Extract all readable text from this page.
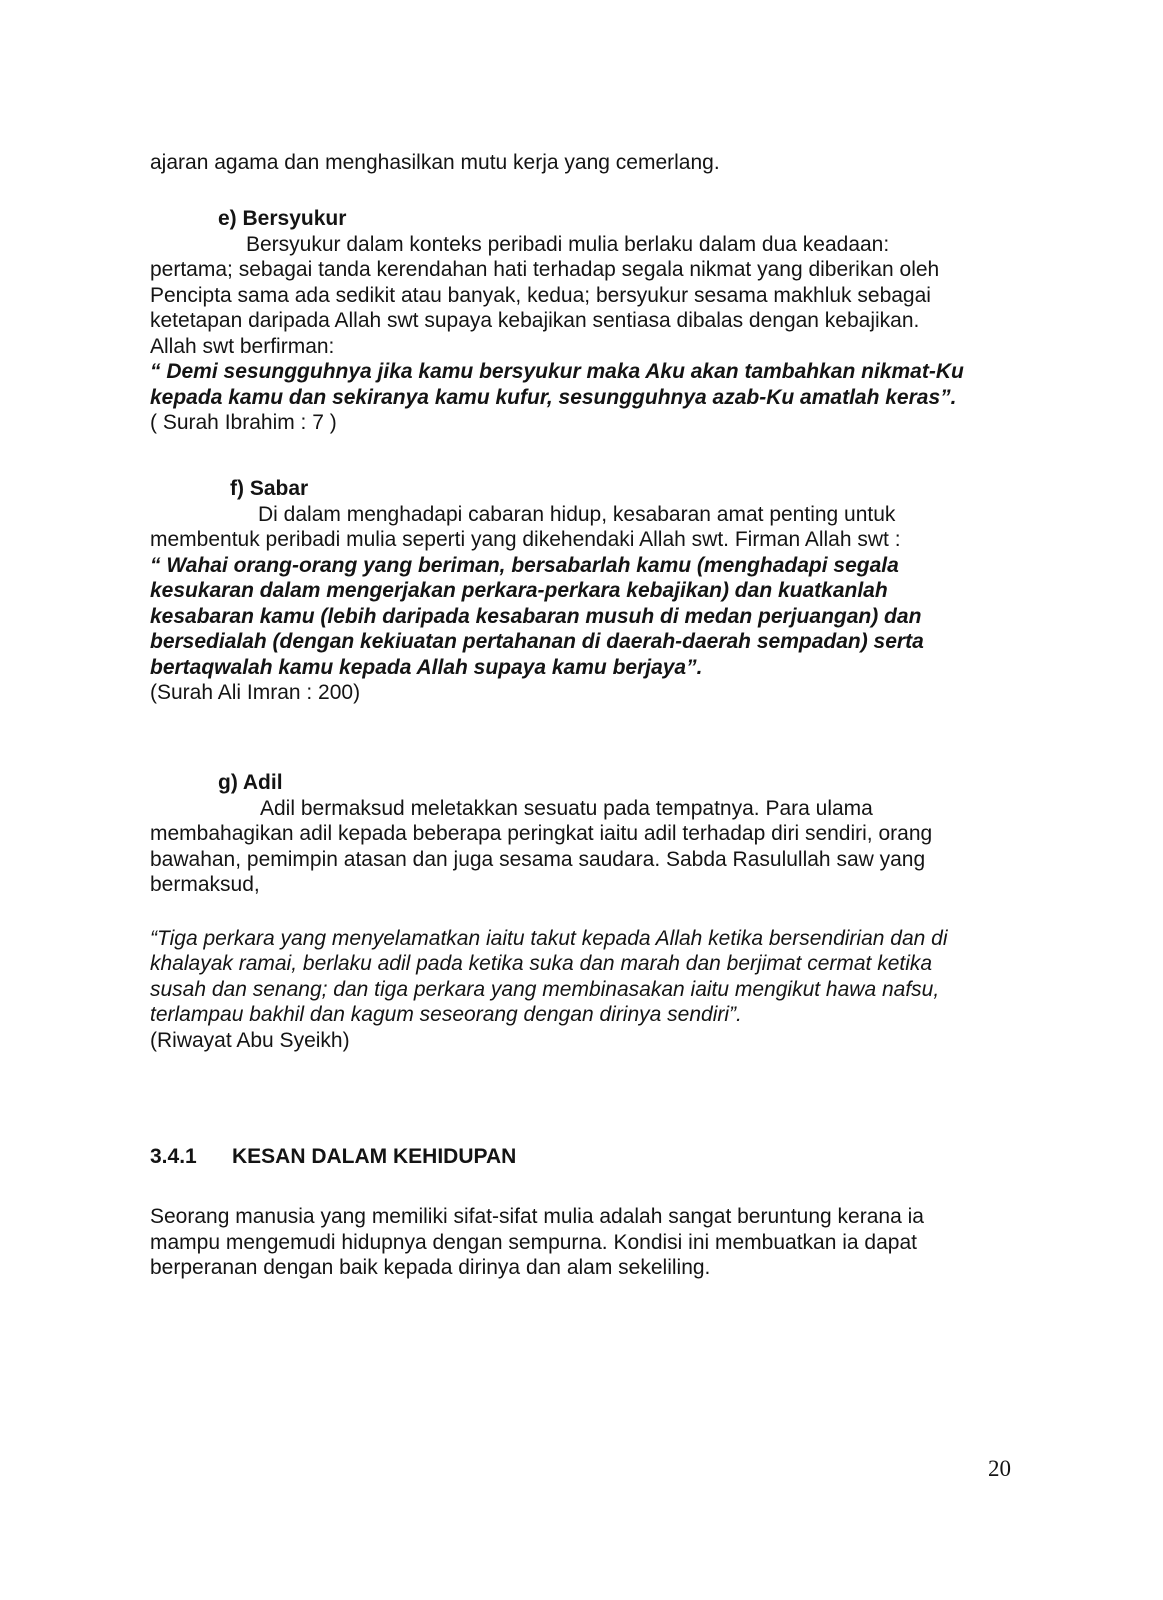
ajaran agama dan menghasilkan mutu kerja yang cemerlang.
e) Bersyukur
Bersyukur dalam konteks peribadi mulia berlaku dalam dua keadaan:
pertama; sebagai tanda kerendahan hati terhadap segala nikmat yang diberikan oleh
Pencipta sama ada sedikit atau banyak, kedua; bersyukur sesama makhluk sebagai
ketetapan daripada Allah swt supaya kebajikan sentiasa dibalas dengan kebajikan.
Allah swt berfirman:
“ Demi sesungguhnya jika kamu bersyukur maka Aku akan tambahkan nikmat-Ku
kepada kamu dan sekiranya kamu kufur, sesungguhnya azab-Ku amatlah keras”.
( Surah Ibrahim : 7 )
f) Sabar
Di dalam menghadapi cabaran hidup, kesabaran amat penting untuk
membentuk peribadi mulia seperti yang dikehendaki Allah swt. Firman Allah swt :
“ Wahai orang-orang yang beriman, bersabarlah kamu (menghadapi segala
kesukaran dalam mengerjakan perkara-perkara kebajikan) dan kuatkanlah
kesabaran kamu (lebih daripada kesabaran musuh di medan perjuangan) dan
bersedialah (dengan kekiuatan pertahanan di daerah-daerah sempadan) serta
bertaqwalah kamu kepada Allah supaya kamu berjaya”.
(Surah Ali Imran : 200)
g) Adil
Adil bermaksud meletakkan sesuatu pada tempatnya. Para ulama
membahagikan adil kepada beberapa peringkat iaitu adil terhadap diri sendiri, orang
bawahan, pemimpin atasan dan juga sesama saudara. Sabda Rasulullah saw yang
bermaksud,
“Tiga perkara yang menyelamatkan iaitu takut kepada Allah ketika bersendirian dan di
khalayak ramai, berlaku adil pada ketika suka dan marah dan berjimat cermat ketika
susah dan senang; dan tiga perkara yang membinasakan iaitu mengikut hawa nafsu,
terlampau bakhil dan kagum seseorang dengan dirinya sendiri”.
(Riwayat Abu Syeikh)
3.4.1 KESAN DALAM KEHIDUPAN
Seorang manusia yang memiliki sifat-sifat mulia adalah sangat beruntung kerana ia
mampu mengemudi hidupnya dengan sempurna. Kondisi ini membuatkan ia dapat
berperanan dengan baik kepada dirinya dan alam sekeliling.
20
